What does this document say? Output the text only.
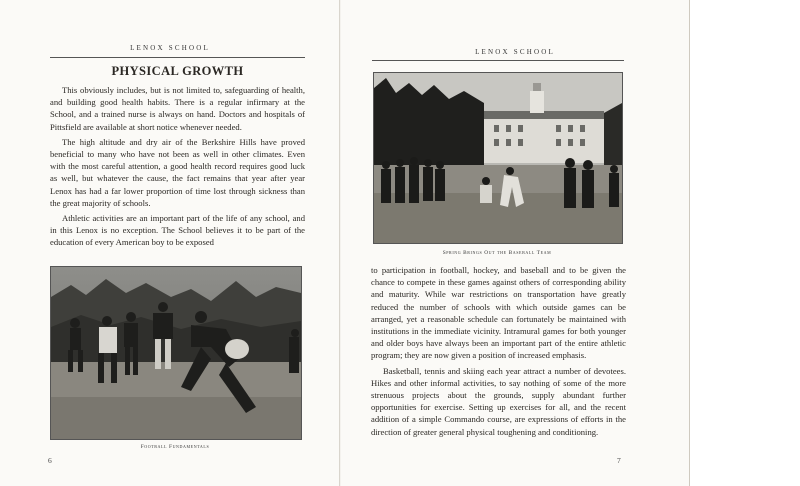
LENOX SCHOOL
PHYSICAL GROWTH

This obviously includes, but is not limited to, safeguarding of health, and building good health habits. There is a regular infirmary at the School, and a trained nurse is always on hand. Doctors and hospitals of Pittsfield are available at short notice whenever needed.

The high altitude and dry air of the Berkshire Hills have proved beneficial to many who have not been as well in other climates. Even with the most careful attention, a good health record requires good luck as well, but whatever the cause, the fact remains that year after year Lenox has had a far lower proportion of time lost through sickness than the great majority of schools.

Athletic activities are an important part of the life of any school, and in this Lenox is no exception. The School believes it to be part of the education of every American boy to be exposed

Football Fundamentals
6
LENOX SCHOOL
Spring Brings Out the Baseball Team

to participation in football, hockey, and baseball and to be given the chance to compete in these games against others of corresponding ability and maturity. While war restrictions on transportation have greatly reduced the number of schools with which outside games can be arranged, yet a reasonable schedule can fortunately be maintained with institutions in the immediate vicinity. Intramural games for both younger and older boys have always been an important part of the entire athletic program; they are now given a position of increased emphasis.

Basketball, tennis and skiing each year attract a number of devotees. Hikes and other informal activities, to say nothing of some of the more strenuous projects about the grounds, supply abundant further opportunities for exercise. Setting up exercises for all, and the recent addition of a simple Commando course, are expressions of efforts in the direction of greater general physical toughening and conditioning.

7
